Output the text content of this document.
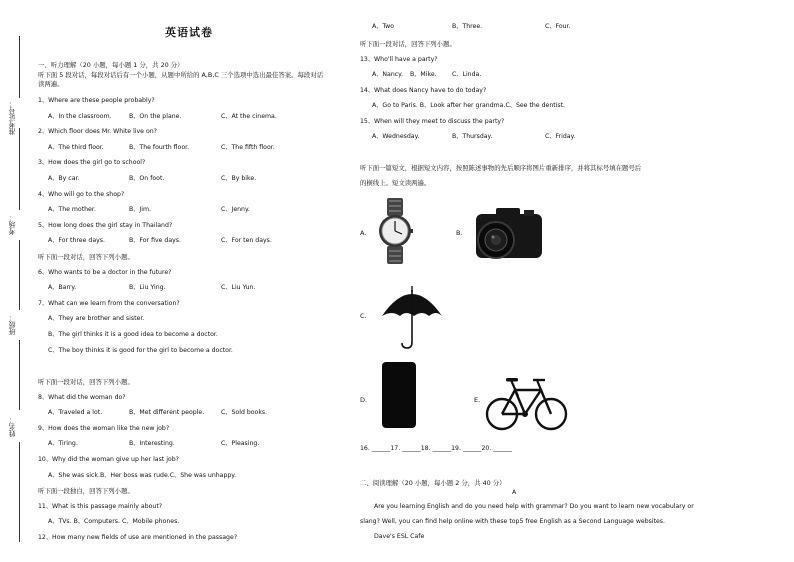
准考证号：
考场：
班级：
姓名：
英语试卷
一、听力理解（20 小题，每小题 1 分，共 20 分）
听下面 5 段对话，每段对话后有一个小题，从题中所给的 A,B,C 三个选项中选出最佳答案。每段对话
读两遍。
1、Where are these people probably?
A、In the classroom.	B、On the plane.	C、At the cinema.
2、Which floor does Mr. White live on?
A、The third floor.	B、The fourth floor.	C、The fifth floor.
3、How does the girl go to school?
A、By car.	B、On foot.	C、By bike.
4、Who will go to the shop?
A、The mother.	B、Jim.	C、Jenny.
5、How long does the girl stay in Thailand?
A、For three days.	B、For five days.	C、For ten days.
听下面一段对话，回答下列小题。
6、Who wants to be a doctor in the future?
A、Barry.	B、Liu Ying.	C、Liu Yun.
7、What can we learn from the conversation?
A、They are brother and sister.
B、The girl thinks it is a good idea to become a doctor.
C、The boy thinks it is good for the girl to become a doctor.
听下面一段对话，回答下列小题。
8、What did the woman do?
A、Traveled a lot.	B、Met different people.	C、Sold books.
9、How does the woman like the new job?
A、Tiring.	B、Interesting.	C、Pleasing.
10、Why did the woman give up her last job?
A、She was sick.B、Her boss was rude.C、She was unhappy.
听下面一段独白，回答下列小题。
11、What is this passage mainly about?
A、TVs. B、Computers. C、Mobile phones.
12、How many new fields of use are mentioned in the passage?
A、Two	B、Three.	C、Four.
听下面一段对话，回答下列小题。
13、Who'll have a party?
A、Nancy. B、Mike. C、Linda.
14、What does Nancy have to do today?
A、Go to Paris. B、Look after her grandma.C、See the dentist.
15、When will they meet to discuss the party?
A、Wednesday.	B、Thursday.	C、Friday.
听下面一篇短文，根据短文内容，按照陈述事物的先后顺序将图片重新排序，并将其标号填在题号后
的横线上。短文读两遍。
A.	B.
C.
D.	E.
16. ______17. ______18. ______19. ______20. ______
二、阅读理解（20 小题，每小题 2 分，共 40 分）
A
Are you learning English and do you need help with grammar? Do you want to learn new vocabulary or
slang? Well, you can find help online with these top5 free English as a Second Language websites.
Dave's ESL Cafe
